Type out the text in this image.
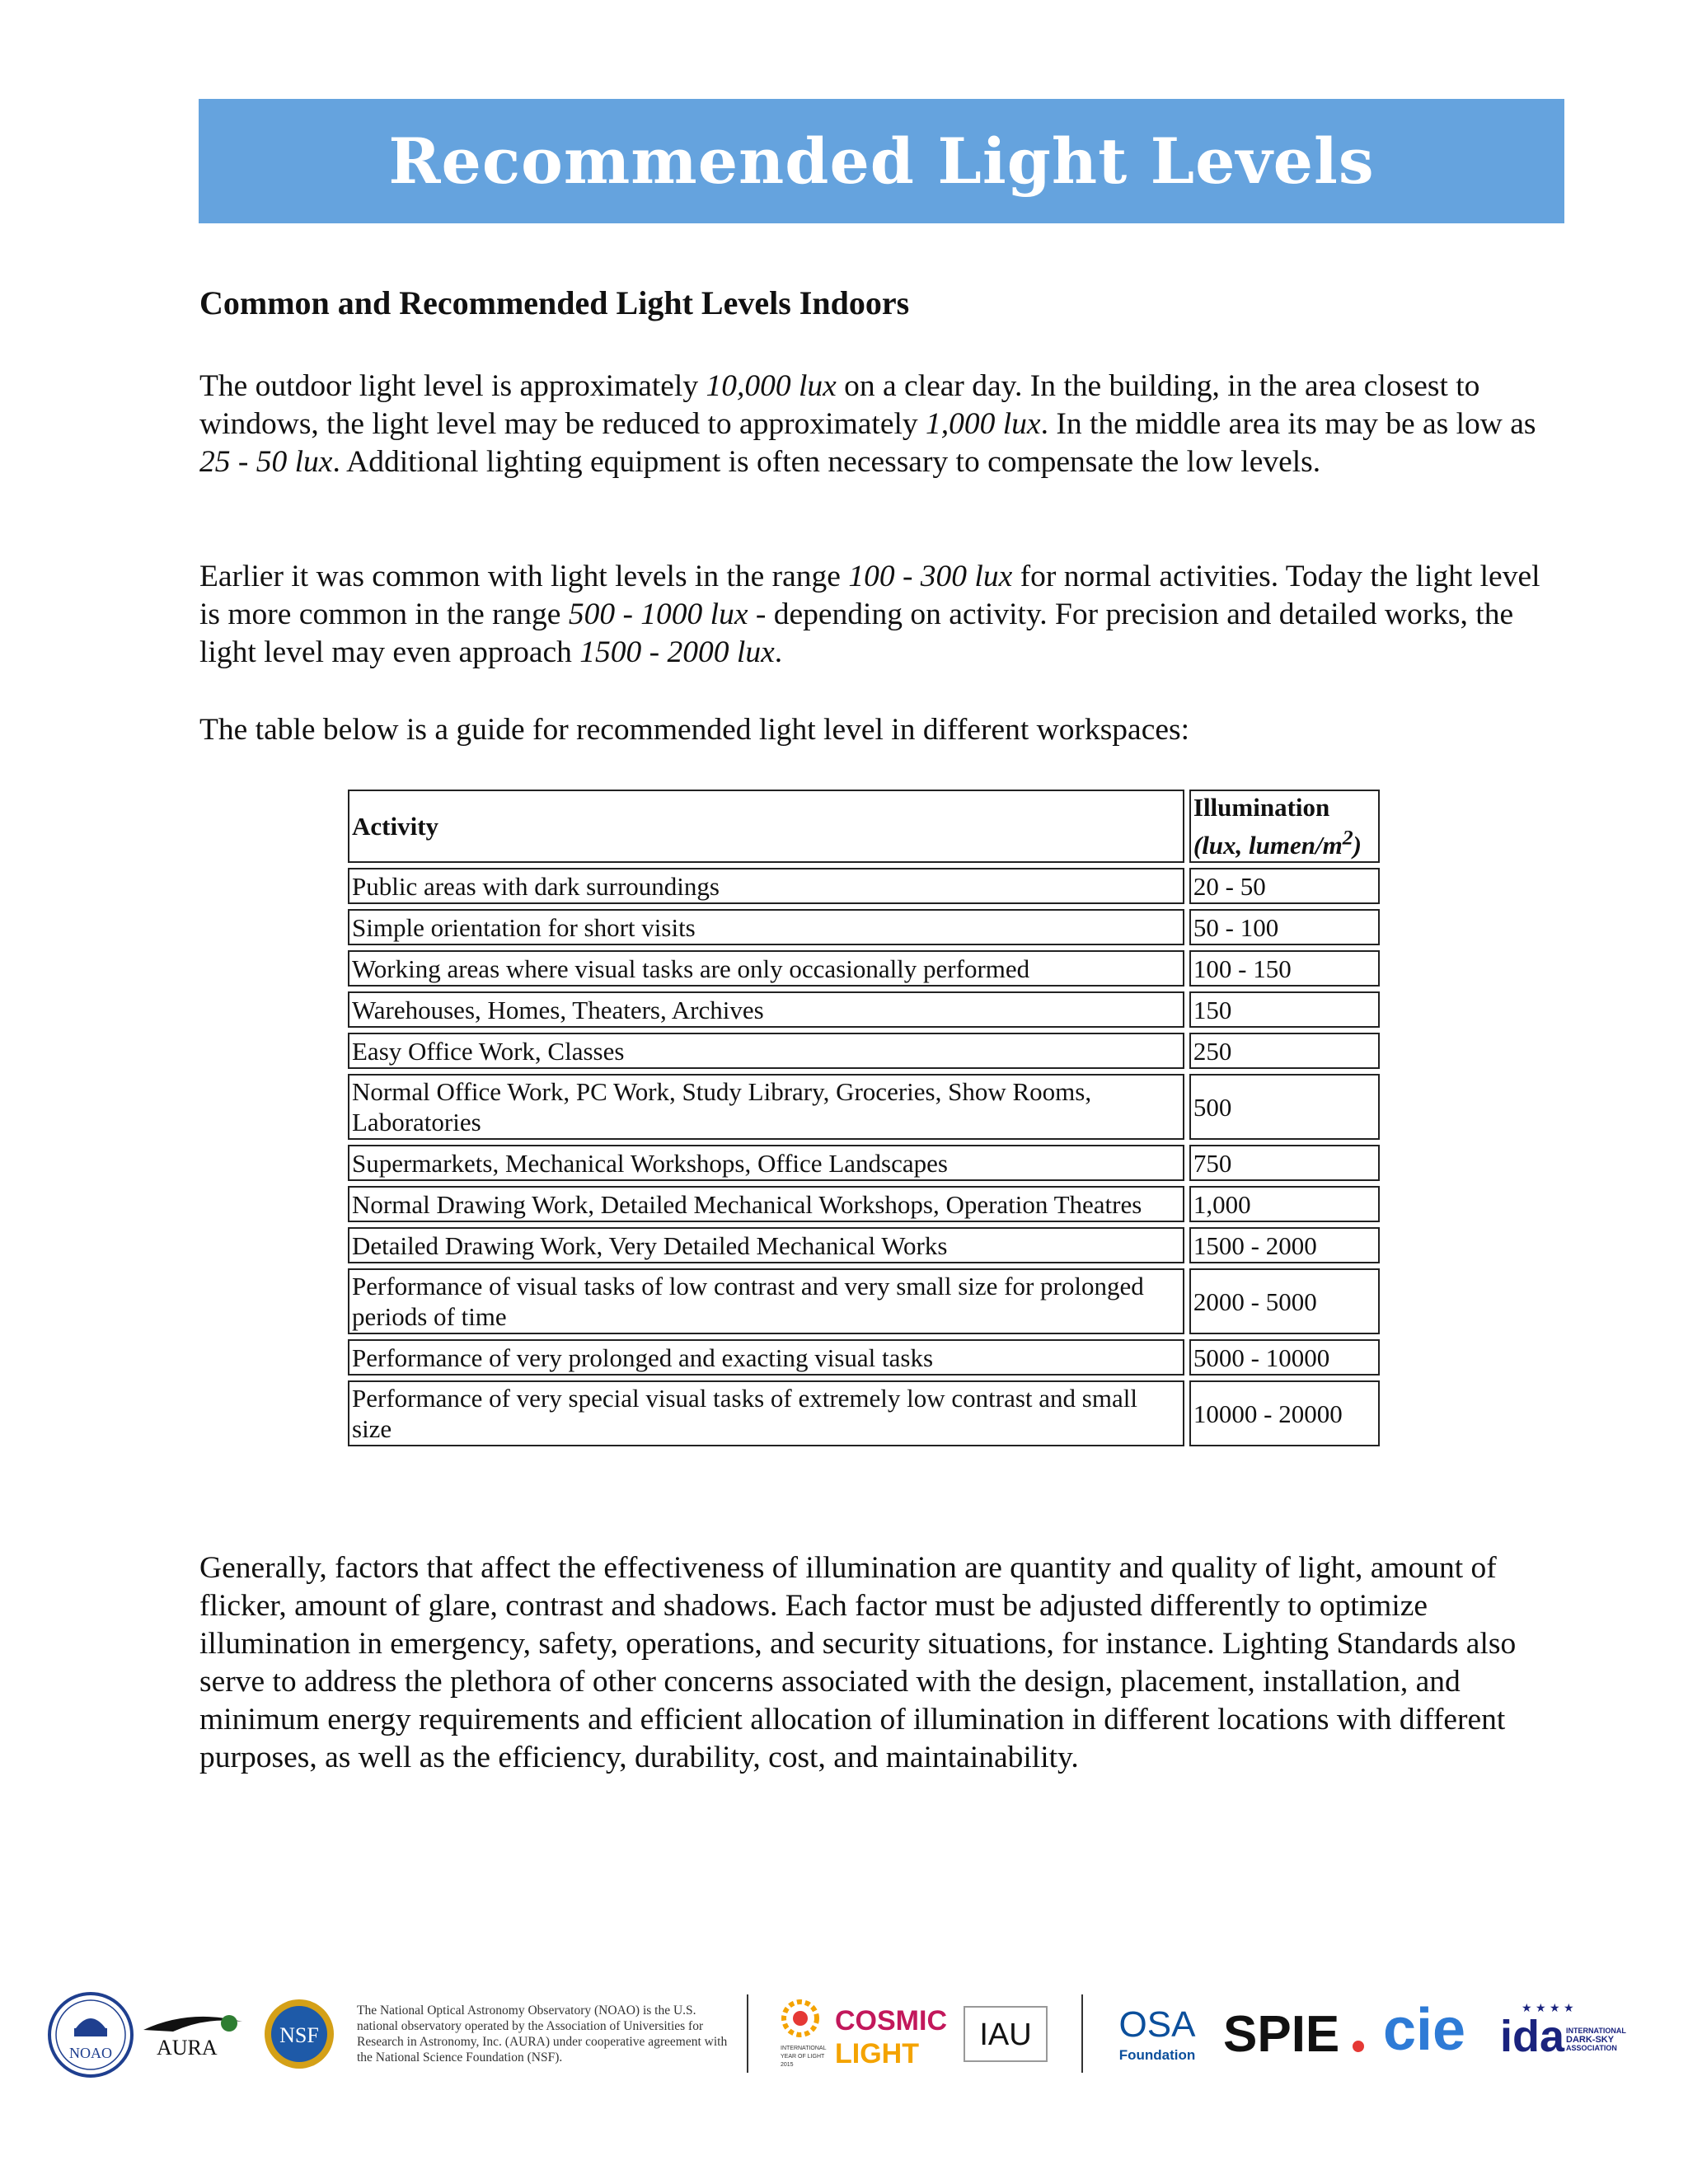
Recommended Light Levels
Common and Recommended Light Levels Indoors

The outdoor light level is approximately 10,000 lux on a clear day. In the building, in the area closest to windows, the light level may be reduced to approximately 1,000 lux. In the middle area its may be as low as 25 - 50 lux. Additional lighting equipment is often necessary to compensate the low levels.

Earlier it was common with light levels in the range 100 - 300 lux for normal activities. Today the light level is more common in the range 500 - 1000 lux - depending on activity. For precision and detailed works, the light level may even approach 1500 - 2000 lux.

The table below is a guide for recommended light level in different workspaces:

Activity	Illumination
(lux, lumen/$m^2$)
Public areas with dark surroundings	20 - 50
Simple orientation for short visits	50 - 100
Working areas where visual tasks are only occasionally performed	100 - 150
Warehouses, Homes, Theaters, Archives	150
Easy Office Work, Classes	250
Normal Office Work, PC Work, Study Library, Groceries, Show Rooms, Laboratories	500
Supermarkets, Mechanical Workshops, Office Landscapes	750
Normal Drawing Work, Detailed Mechanical Workshops, Operation Theatres	1,000
Detailed Drawing Work, Very Detailed Mechanical Works	1500 - 2000
Performance of visual tasks of low contrast and very small size for prolonged periods of time	2000 - 5000
Performance of very prolonged and exacting visual tasks	5000 - 10000
Performance of very special visual tasks of extremely low contrast and small size	10000 - 20000

Generally, factors that affect the effectiveness of illumination are quantity and quality of light, amount of flicker, amount of glare, contrast and shadows. Each factor must be adjusted differently to optimize illumination in emergency, safety, operations, and security situations, for instance. Lighting Standards also serve to address the plethora of other concerns associated with the design, placement, installation, and minimum energy requirements and efficient allocation of illumination in different locations with different purposes, as well as the efficiency, durability, cost, and maintainability.

NOAO AURA
NSF
The National Optical Astronomy Observatory (NOAO) is the U.S. national observatory operated by the Association of Universities for Research in Astronomy, Inc. (AURA) under cooperative agreement with the National Science Foundation (NSF).
INTERNATIONAL
YEAR OF LIGHT
2015
COSMIC
LIGHT
IAU OSA
Foundation SPIE cie	★ ★ ★ ★
ida INTERNATIONAL
DARK-SKY
ASSOCIATION
